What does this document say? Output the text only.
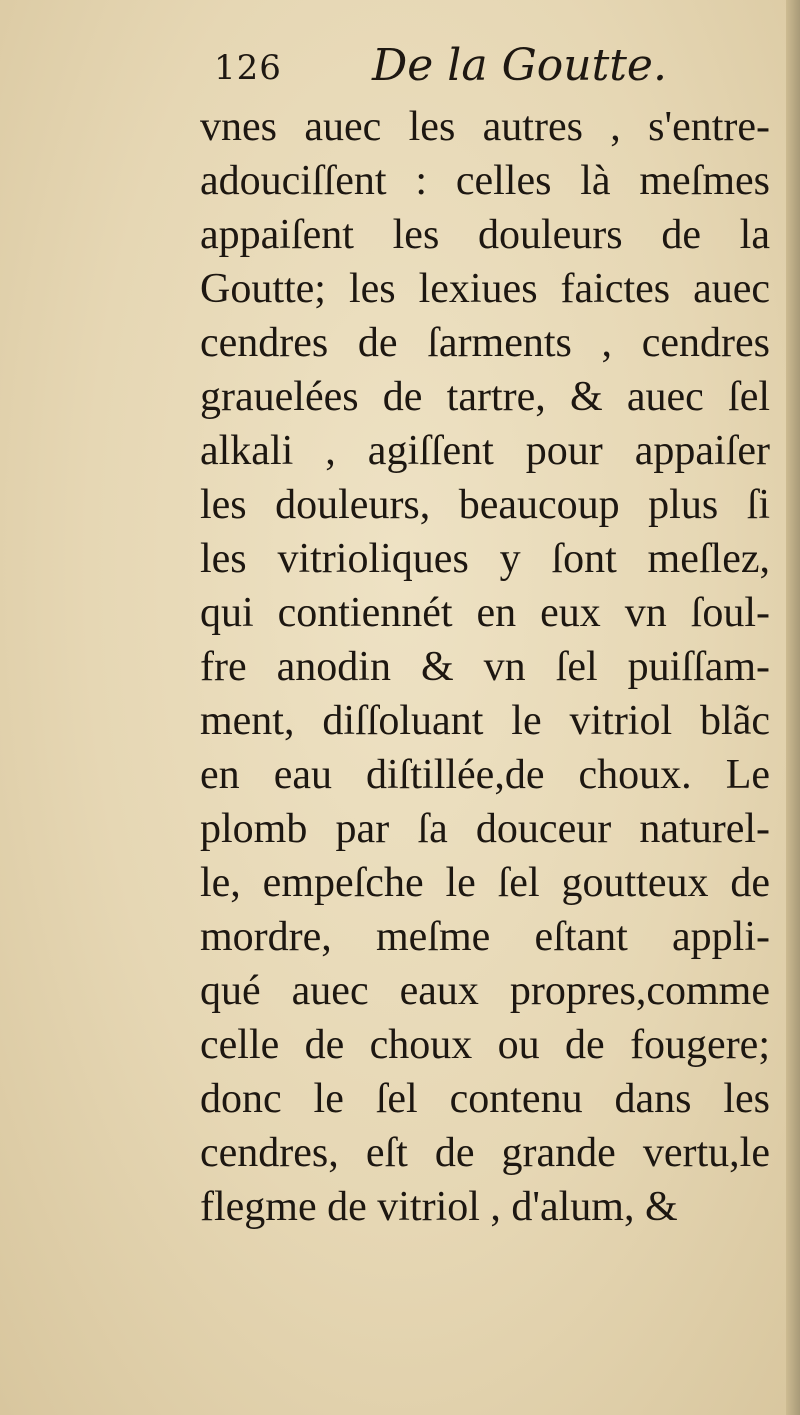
126 De la Goutte.
vnes auec les autres , s'entre-
adouciſſent : celles là meſmes
appaiſent les douleurs de la
Goutte; les lexiues faictes auec
cendres de ſarments , cendres
grauelées de tartre, & auec ſel
alkali , agiſſent pour appaiſer
les douleurs, beaucoup plus ſi
les vitrioliques y ſont meſlez,
qui contiennét en eux vn ſoul-
fre anodin & vn ſel puiſſam-
ment, diſſoluant le vitriol blãc
en eau diſtillée,de choux. Le
plomb par ſa douceur naturel-
le, empeſche le ſel goutteux de
mordre, meſme eſtant appli-
qué auec eaux propres,comme
celle de choux ou de fougere;
donc le ſel contenu dans les
cendres, eſt de grande vertu,le
flegme de vitriol , d'alum, &
